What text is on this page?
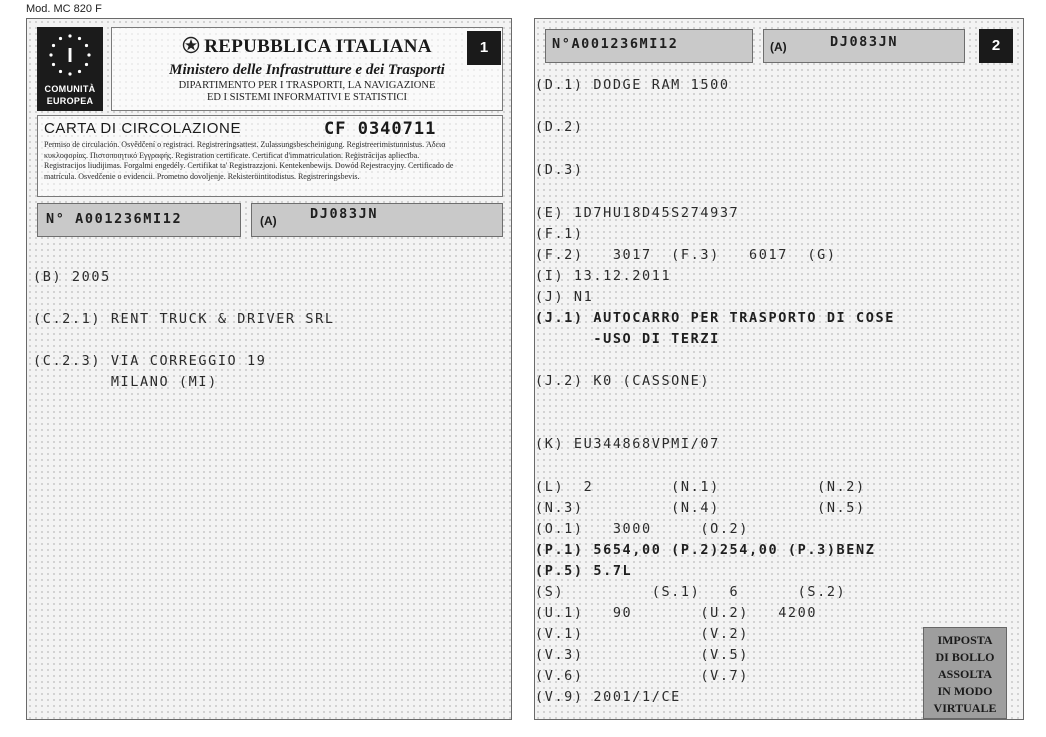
Mod. MC 820 F
I
COMUNITÀ
EUROPEA
REPUBBLICA ITALIANA
Ministero delle Infrastrutture e dei Trasporti
DIPARTIMENTO PER I TRASPORTI, LA NAVIGAZIONE
ED I SISTEMI INFORMATIVI E STATISTICI
1
CARTA DI CIRCOLAZIONE	CF 0340711
Permiso de circulación. Osvědčení o registraci. Registreringsattest. Zulassungsbescheinigung. Registreerimistunnistus. Άδεια
κυκλοφορίας. Πιστοποιητικό Εγγραφής. Registration certificate. Certificat d'immatriculation. Reģistrācijas apliecība.
Registracijos liudijimas. Forgalmi engedély. Certifikat ta' Registrazzjoni. Kentekenbewijs. Dowód Rejestracyjny. Certificado de
matrícula. Osvedčenie o evidencii. Prometno dovoljenje. Rekisteröintitodistus. Registreringsbevis.
N° A001236MI12	(A) DJ083JN
(B) 2005
(C.2.1) RENT TRUCK & DRIVER SRL
(C.2.3) VIA CORREGGIO 19
MILANO (MI)
N°A001236MI12	(A)	DJ083JN	2
(D.1) DODGE RAM 1500
(D.2)
(D.3)
(E) 1D7HU18D45S274937
(F.1)
(F.2)   3017  (F.3)   6017  (G)
(I) 13.12.2011
(J) N1
(J.1) AUTOCARRO PER TRASPORTO DI COSE
-USO DI TERZI
(J.2) K0 (CASSONE)
(K) EU344868VPMI/07
(L)  2        (N.1)          (N.2)
(N.3)         (N.4)          (N.5)
(O.1)   3000     (O.2)
(P.1) 5654,00 (P.2)254,00 (P.3)BENZ
(P.5) 5.7L
(S)         (S.1)   6      (S.2)
(U.1)   90       (U.2)   4200
(V.1)            (V.2)
(V.3)            (V.5)
(V.6)            (V.7)
(V.9) 2001/1/CE
IMPOSTA
DI BOLLO
ASSOLTA
IN MODO
VIRTUALE
